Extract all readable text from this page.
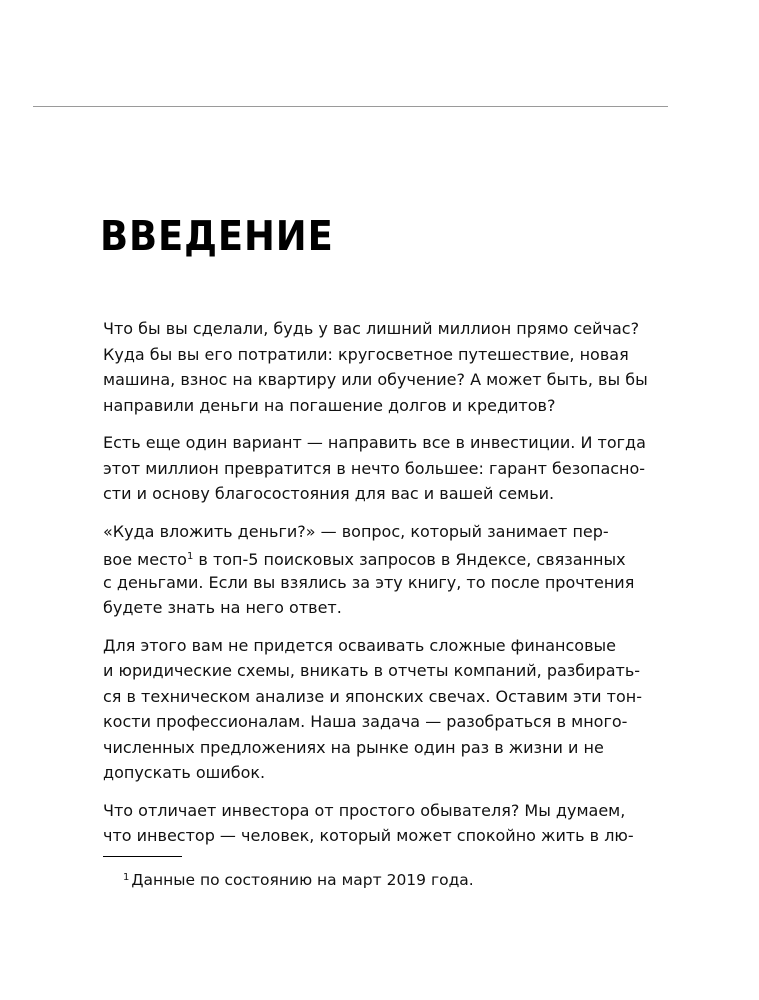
ВВЕДЕНИЕ

Что бы вы сделали, будь у вас лишний миллион прямо сейчас?
Куда бы вы его потратили: кругосветное путешествие, новая
машина, взнос на квартиру или обучение? А может быть, вы бы
направили деньги на погашение долгов и кредитов?

Есть еще один вариант — направить все в инвестиции. И тогда
этот миллион превратится в нечто большее: гарант безопасно-
сти и основу благосостояния для вас и вашей семьи.

«Куда вложить деньги?» — вопрос, который занимает пер-
вое место$^1$ в топ-5 поисковых запросов в Яндексе, связанных
с деньгами. Если вы взялись за эту книгу, то после прочтения
будете знать на него ответ.

Для этого вам не придется осваивать сложные финансовые
и юридические схемы, вникать в отчеты компаний, разбирать-
ся в техническом анализе и японских свечах. Оставим эти тон-
кости профессионалам. Наша задача — разобраться в много-
численных предложениях на рынке один раз в жизни и не
допускать ошибок.

Что отличает инвестора от простого обывателя? Мы думаем,
что инвестор — человек, который может спокойно жить в лю-

$^1$ Данные по состоянию на март 2019 года.
